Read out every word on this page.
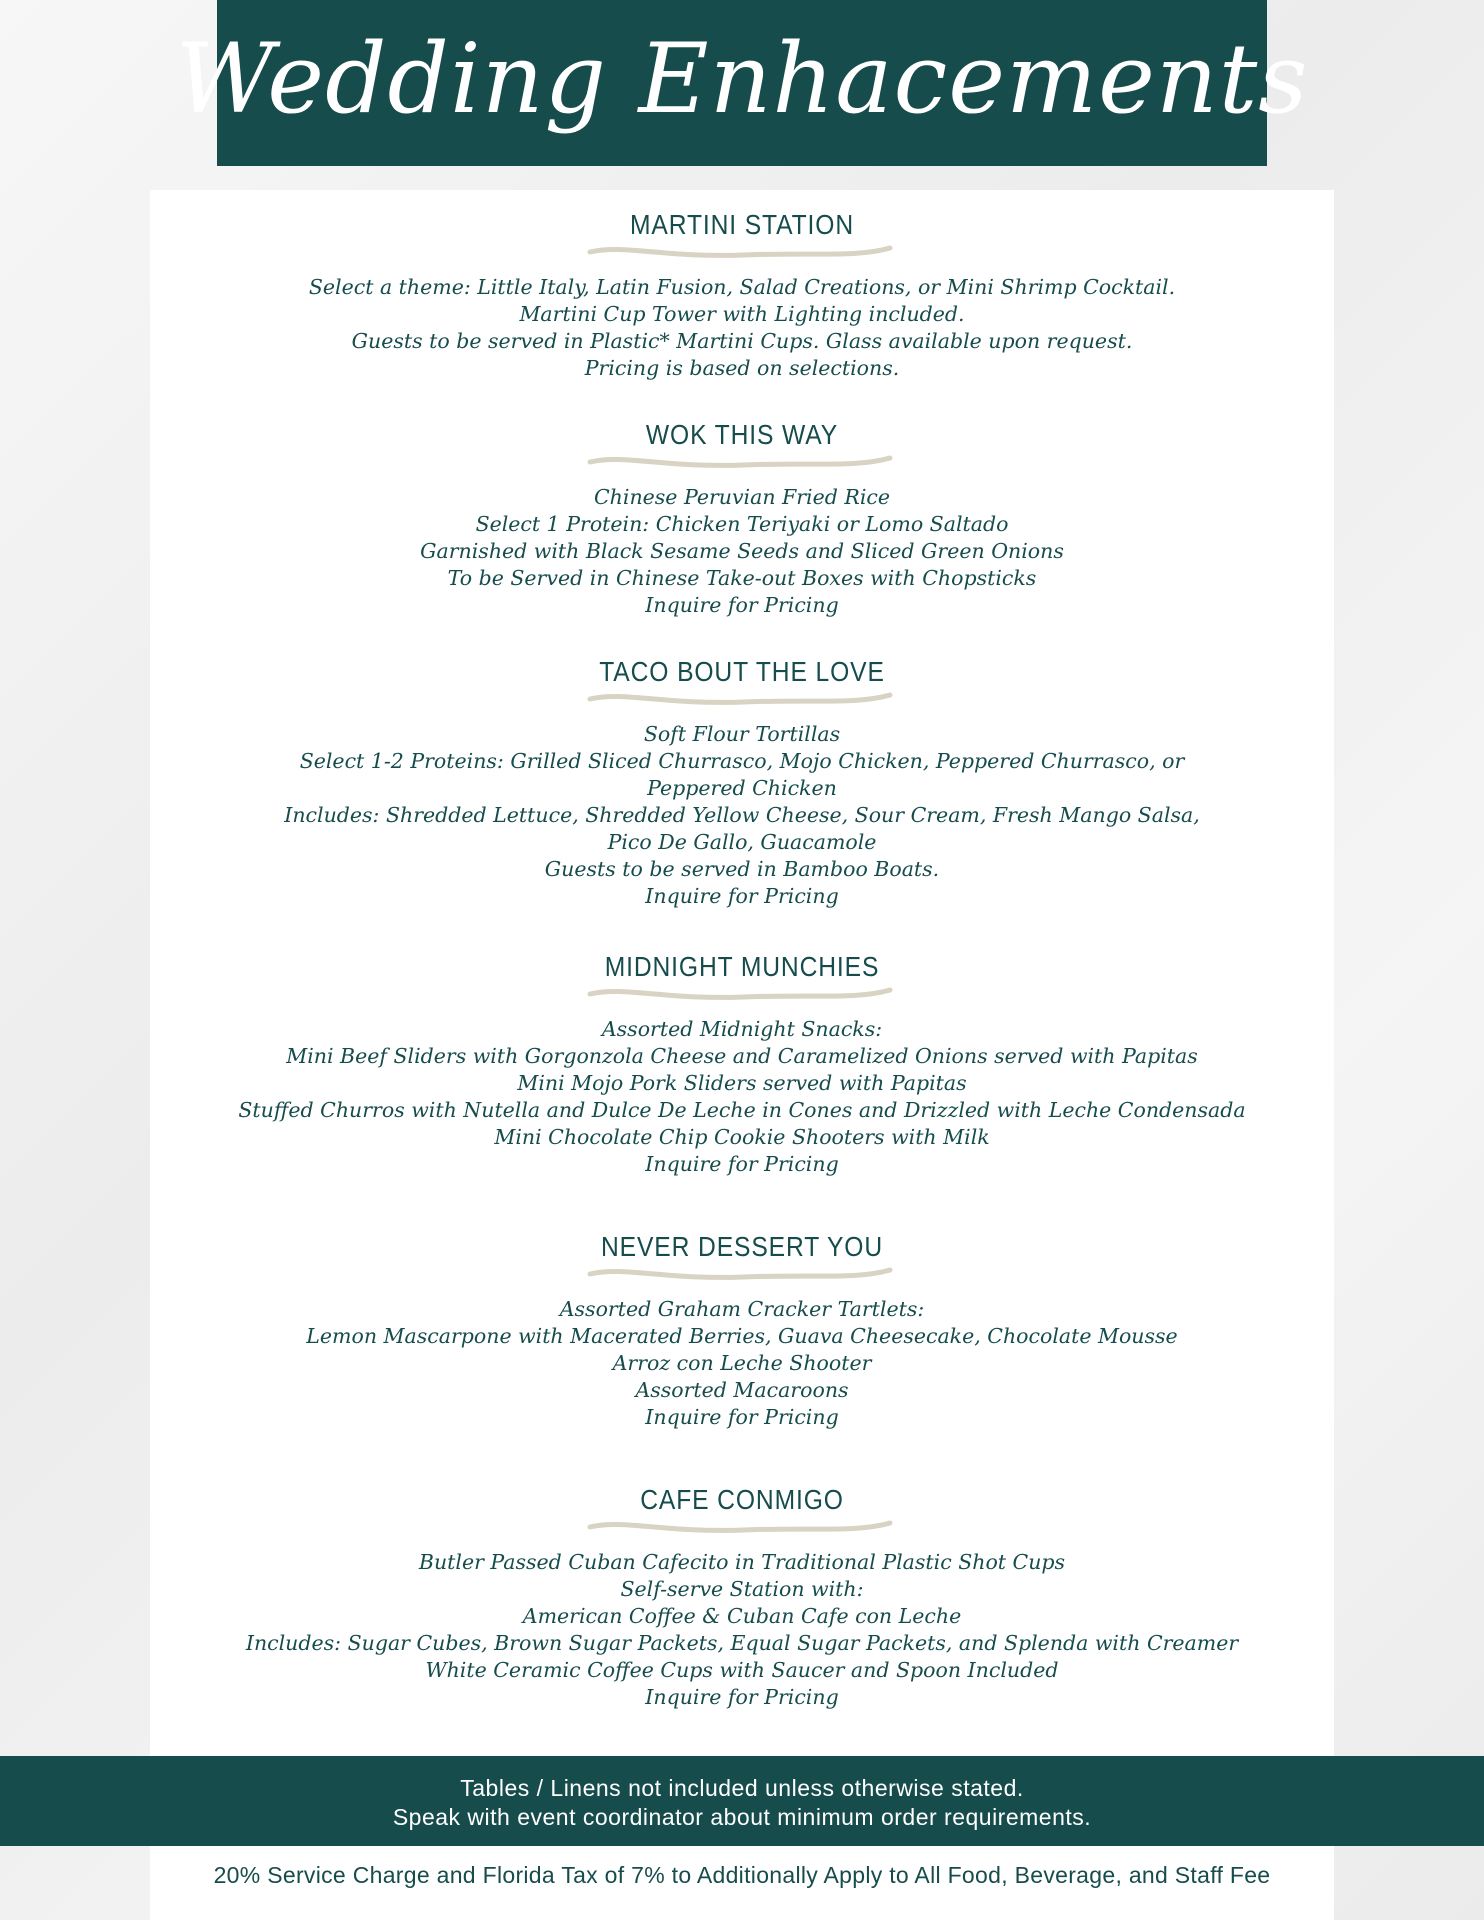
Wedding Enhacements
MARTINI STATION
Select a theme: Little Italy, Latin Fusion, Salad Creations, or Mini Shrimp Cocktail.
Martini Cup Tower with Lighting included.
Guests to be served in Plastic* Martini Cups. Glass available upon request.
Pricing is based on selections.
WOK THIS WAY
Chinese Peruvian Fried Rice
Select 1 Protein: Chicken Teriyaki or Lomo Saltado
Garnished with Black Sesame Seeds and Sliced Green Onions
To be Served in Chinese Take-out Boxes with Chopsticks
Inquire for Pricing
TACO BOUT THE LOVE
Soft Flour Tortillas
Select 1-2 Proteins: Grilled Sliced Churrasco, Mojo Chicken, Peppered Churrasco, or
Peppered Chicken
Includes: Shredded Lettuce, Shredded Yellow Cheese, Sour Cream, Fresh Mango Salsa,
Pico De Gallo, Guacamole
Guests to be served in Bamboo Boats.
Inquire for Pricing
MIDNIGHT MUNCHIES
Assorted Midnight Snacks:
Mini Beef Sliders with Gorgonzola Cheese and Caramelized Onions served with Papitas
Mini Mojo Pork Sliders served with Papitas
Stuffed Churros with Nutella and Dulce De Leche in Cones and Drizzled with Leche Condensada
Mini Chocolate Chip Cookie Shooters with Milk
Inquire for Pricing
NEVER DESSERT YOU
Assorted Graham Cracker Tartlets:
Lemon Mascarpone with Macerated Berries, Guava Cheesecake, Chocolate Mousse
Arroz con Leche Shooter
Assorted Macaroons
Inquire for Pricing
CAFE CONMIGO
Butler Passed Cuban Cafecito in Traditional Plastic Shot Cups
Self-serve Station with:
American Coffee & Cuban Cafe con Leche
Includes: Sugar Cubes, Brown Sugar Packets, Equal Sugar Packets, and Splenda with Creamer
White Ceramic Coffee Cups with Saucer and Spoon Included
Inquire for Pricing
Tables / Linens not included unless otherwise stated.
Speak with event coordinator about minimum order requirements.
20% Service Charge and Florida Tax of 7% to Additionally Apply to All Food, Beverage, and Staff Fee
